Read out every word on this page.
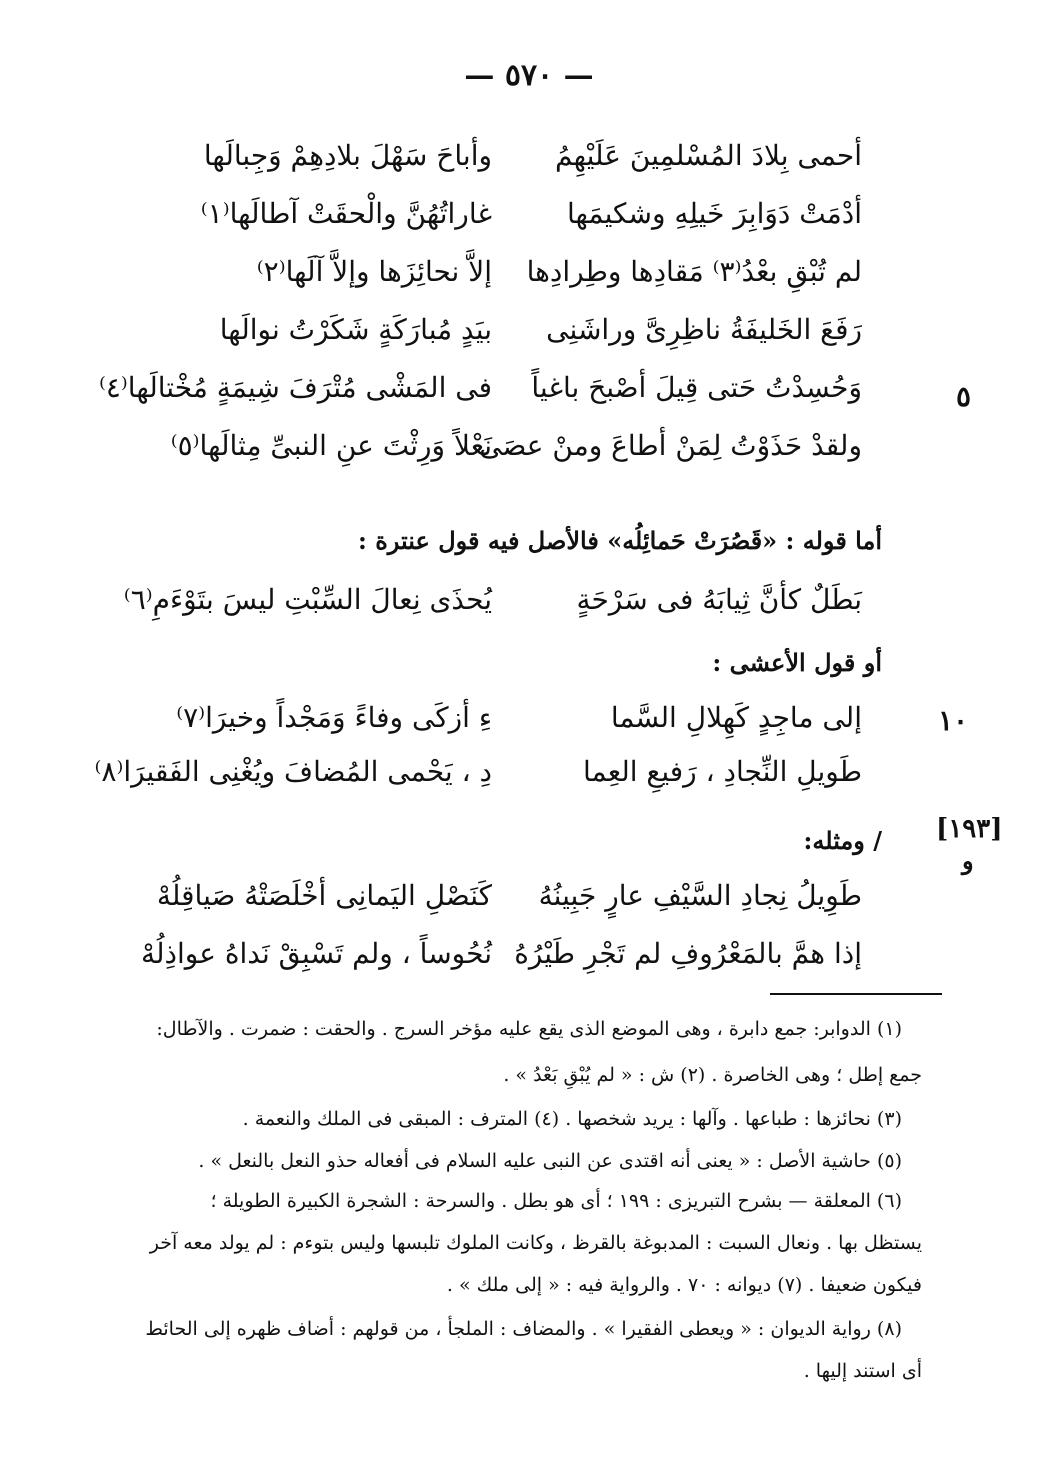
— ٥٧٠ —
أحمى بِلادَ المُسْلمِينَ عَلَيْهِمُ
وأباحَ سَهْلَ بلادِهِمْ وَجِبالَها
أدْمَتْ دَوَابِرَ خَيلِهِ وشكيمَها
غاراتُهُنَّ والْحقَتْ آطالَها⁽١⁾
لم تُبْقِ بعْدُ⁽٣⁾ مَقادِها وطِرادِها
إلاَّ نحائِزَها وإلاَّ آلَها⁽٢⁾
رَفَعَ الخَليفَةُ ناظِرِىَّ وراشَنِى
بيَدٍ مُبارَكَةٍ شَكَرْتُ نوالَها
وَحُسِدْتُ حَتى قِيلَ أصْبحَ باغياً
فى المَشْى مُتْرَفَ شِيمَةٍ مُخْتالَها⁽٤⁾
ولقدْ حَذَوْتُ لِمَنْ أطاعَ ومنْ عصَى
نَعْلاً وَرِثْتَ عنِ النبىِّ مِثالَها⁽٥⁾
٥
أما قوله : «قَصُرَتْ حَمائِلُه» فالأصل فيه قول عنترة :
بَطَلٌ كأنَّ ثِيابَهُ فى سَرْحَةٍ
يُحذَى نِعالَ السِّبْتِ ليسَ بتَوْءَمِ⁽٦⁾
أو قول الأعشى :
إلى ماجِدٍ كَهِلالِ السَّما
ءِ أزكَى وفاءً وَمَجْداً وخيرَا⁽٧⁾
طَويلِ النِّجادِ ، رَفيعِ العِما
دِ ، يَحْمى المُضافَ ويُغْنِى الفَقيرَا⁽٨⁾
١٠
[١٩٣]
و
/ ومثله:
طَوِيلُ نِجادِ السَّيْفِ عارٍ جَبِينُهُ
كَنَصْلِ اليَمانِى أخْلَصَتْهُ صَياقِلُهْ
إذا همَّ بالمَعْرُوفِ لم تَجْرِ طَيْرُهُ
نُحُوساً ، ولم تَسْبِقْ نَداهُ عواذِلُهْ
(١) الدوابر: جمع دابرة ، وهى الموضع الذى يقع عليه مؤخر السرج . والحقت : ضمرت . والآطال:
جمع إطل ؛ وهى الخاصرة . (٢) ش : « لم يُبْقِ بَعْدُ » .
(٣) نحائزها : طباعها . وآلها : يريد شخصها . (٤) المترف : المبقى فى الملك والنعمة .
(٥) حاشية الأصل : « يعنى أنه اقتدى عن النبى عليه السلام فى أفعاله حذو النعل بالنعل » .
(٦) المعلقة — بشرح التبريزى : ١٩٩ ؛ أى هو بطل . والسرحة : الشجرة الكبيرة الطويلة ؛
يستظل بها . ونعال السبت : المدبوغة بالقرظ ، وكانت الملوك تلبسها وليس بتوءم : لم يولد معه آخر
فيكون ضعيفا . (٧) ديوانه : ٧٠ . والرواية فيه : « إلى ملك » .
(٨) رواية الديوان : « ويعطى الفقيرا » . والمضاف : الملجأ ، من قولهم : أضاف ظهره إلى الحائط
أى استند إليها .
